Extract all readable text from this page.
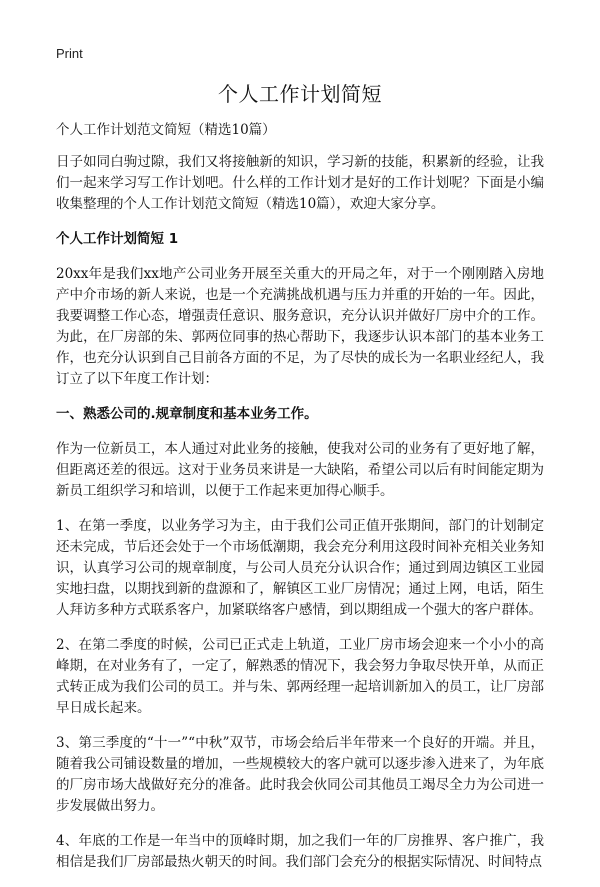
Print
个人工作计划简短

个人工作计划范文简短（精选10篇）

日子如同白驹过隙，我们又将接触新的知识，学习新的技能，积累新的经验，让我们一起来学习写工作计划吧。什么样的工作计划才是好的工作计划呢？下面是小编收集整理的个人工作计划范文简短（精选10篇），欢迎大家分享。

个人工作计划简短 1

20xx年是我们xx地产公司业务开展至关重大的开局之年，对于一个刚刚踏入房地产中介市场的新人来说，也是一个充满挑战机遇与压力并重的开始的一年。因此，我要调整工作心态，增强责任意识、服务意识，充分认识并做好厂房中介的工作。为此，在厂房部的朱、郭两位同事的热心帮助下，我逐步认识本部门的基本业务工作，也充分认识到自己目前各方面的不足，为了尽快的成长为一名职业经纪人，我订立了以下年度工作计划：

一、熟悉公司的.规章制度和基本业务工作。

作为一位新员工，本人通过对此业务的接触，使我对公司的业务有了更好地了解，但距离还差的很远。这对于业务员来讲是一大缺陷，希望公司以后有时间能定期为新员工组织学习和培训，以便于工作起来更加得心顺手。

1、在第一季度，以业务学习为主，由于我们公司正值开张期间，部门的计划制定还未完成，节后还会处于一个市场低潮期，我会充分利用这段时间补充相关业务知识，认真学习公司的规章制度，与公司人员充分认识合作；通过到周边镇区工业园实地扫盘，以期找到新的盘源和了，解镇区工业厂房情况；通过上网，电话，陌生人拜访多种方式联系客户，加紧联络客户感情，到以期组成一个强大的客户群体。

2、在第二季度的时候，公司已正式走上轨道，工业厂房市场会迎来一个小小的高峰期，在对业务有了，一定了，解熟悉的情况下，我会努力争取尽快开单，从而正式转正成为我们公司的员工。并与朱、郭两经理一起培训新加入的员工，让厂房部早日成长起来。

3、第三季度的“十一”“中秋”双节，市场会给后半年带来一个良好的开端。并且，随着我公司铺设数量的增加，一些规模较大的客户就可以逐步渗入进来了，为年底的厂房市场大战做好充分的准备。此时我会伙同公司其他员工竭尽全力为公司进一步发展做出努力。

4、年底的工作是一年当中的顶峰时期，加之我们一年的厂房推界、客户推广，我相信是我们厂房部最热火朝天的时间。我们部门会充分的根据实际情况、时间特点
